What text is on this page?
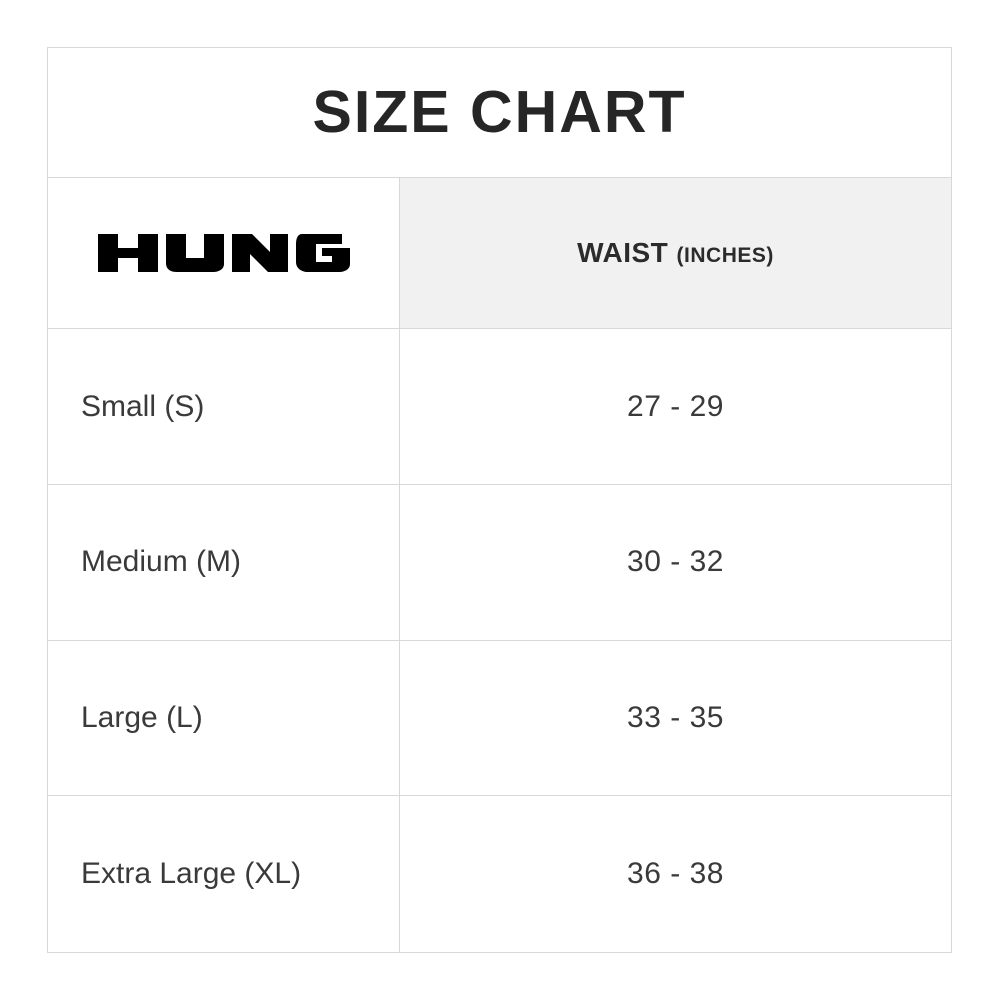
SIZE CHART
WAIST (INCHES)
Small (S)	27 - 29
Medium (M)	30 - 32
Large (L)	33 - 35
Extra Large (XL)	36 - 38
